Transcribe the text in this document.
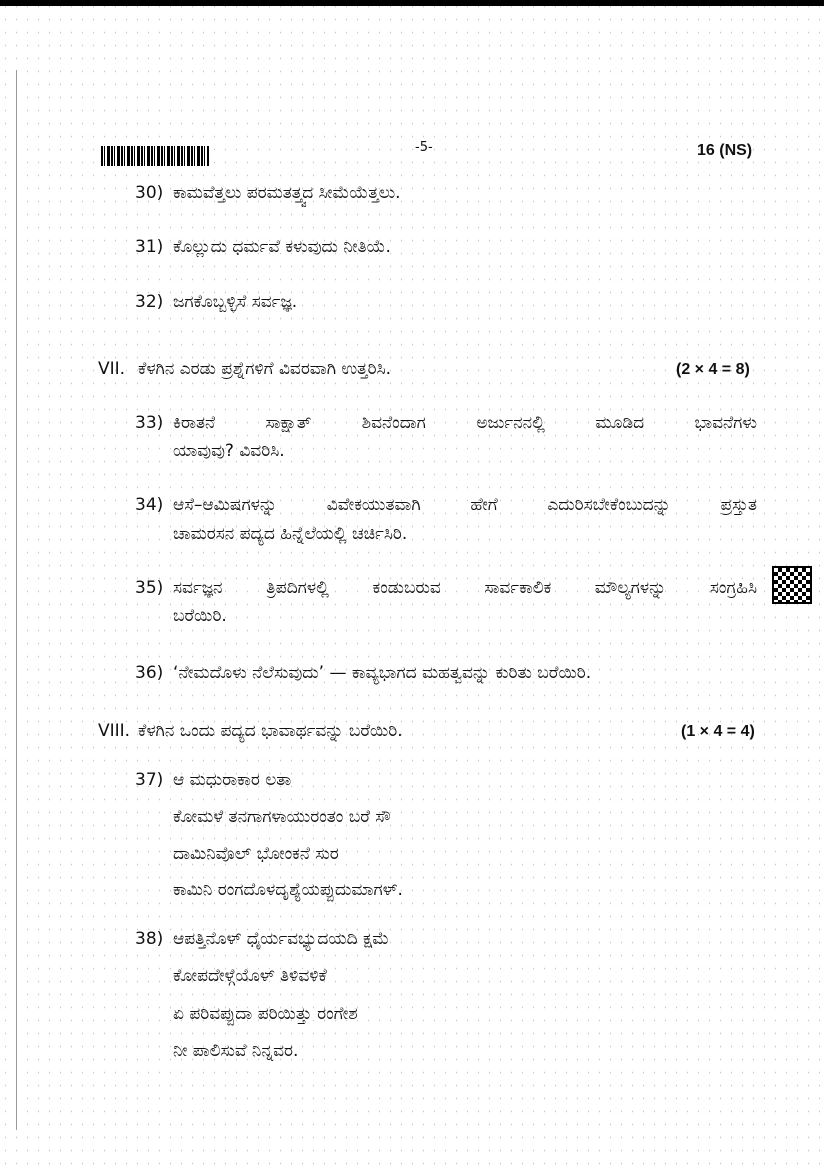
-5-	16 (NS)
30) ಕಾಮವೆತ್ತಲು ಪರಮತತ್ತ್ವದ ಸೀಮೆಯೆತ್ತಲು.
31) ಕೊಲ್ಲುದು ಧರ್ಮವೆ ಕಳುವುದು ನೀತಿಯೆ.
32) ಜಗಕೊಬ್ಬಳ್ಳಿಸೆ ಸರ್ವಜ್ಞ.
VII. ಕೆಳಗಿನ ಎರಡು ಪ್ರಶ್ನೆಗಳಿಗೆ ವಿವರವಾಗಿ ಉತ್ತರಿಸಿ.	(2 × 4 = 8)
33) ಕಿರಾತನೆ ಸಾಕ್ಷಾತ್ ಶಿವನೆಂದಾಗ ಅರ್ಜುನನಲ್ಲಿ ಮೂಡಿದ ಭಾವನೆಗಳು
ಯಾವುವು? ವಿವರಿಸಿ.
34) ಆಸೆ–ಆಮಿಷಗಳನ್ನು ವಿವೇಕಯುತವಾಗಿ ಹೇಗೆ ಎದುರಿಸಬೇಕೆಂಬುದನ್ನು ಪ್ರಸ್ತುತ
ಚಾಮರಸನ ಪದ್ಯದ ಹಿನ್ನೆಲೆಯಲ್ಲಿ ಚರ್ಚಿಸಿರಿ.
35) ಸರ್ವಜ್ಞನ ತ್ರಿಪದಿಗಳಲ್ಲಿ ಕಂಡುಬರುವ ಸಾರ್ವಕಾಲಿಕ ಮೌಲ್ಯಗಳನ್ನು ಸಂಗ್ರಹಿಸಿ
ಬರೆಯಿರಿ.
36) ‘ನೇಮದೊಳು ನೆಲೆಸುವುದು’ — ಕಾವ್ಯಭಾಗದ ಮಹತ್ವವನ್ನು ಕುರಿತು ಬರೆಯಿರಿ.
VIII. ಕೆಳಗಿನ ಒಂದು ಪದ್ಯದ ಭಾವಾರ್ಥವನ್ನು ಬರೆಯಿರಿ.	(1 × 4 = 4)
37) ಆ ಮಧುರಾಕಾರ ಲತಾ
ಕೋಮಳೆ ತನಗಾಗಳಾಯುರಂತಂ ಬರೆ ಸೌ
ದಾಮಿನಿವೊಲ್ ಭೋಂಕನೆ ಸುರ
ಕಾಮಿನಿ ರಂಗದೊಳದೃಶ್ಯೆಯಪ್ಪುದುಮಾಗಳ್.
38) ಆಪತ್ತಿನೊಳ್ ಧೈರ್ಯವಭ್ಯುದಯದಿ ಕ್ಷಮೆ
ಕೋಪದೇಳ್ಗೆಯೊಳ್ ತಿಳಿವಳಿಕೆ
ಏ ಪರಿವಪ್ಪುದಾ ಪರಿಯಿತ್ತು ರಂಗೇಶ
ನೀ ಪಾಲಿಸುವೆ ನಿನ್ನವರ.
